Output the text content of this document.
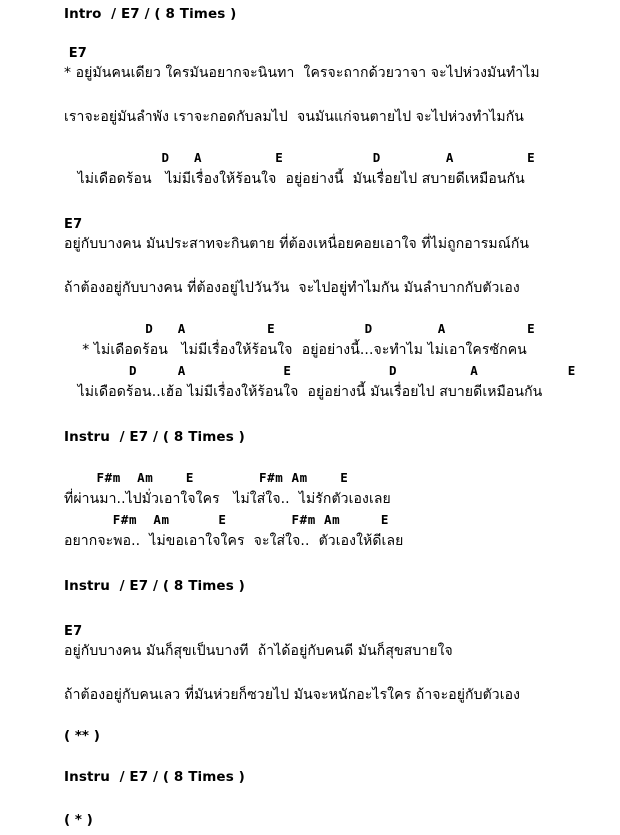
Intro  / E7 / ( 8 Times )
E7
* อยู่มันคนเดียว ใครมันอยากจะนินทา  ใครจะถากด้วยวาจา จะไปห่วงมันทำไม
เราจะอยู่มันลำพัง เราจะกอดกับลมไป  จนมันแก่จนตายไป จะไปห่วงทำไมกัน
D   A         E           D        A         E
ไม่เดือดร้อน   ไม่มีเรื่องให้ร้อนใจ  อยู่อย่างนี้  มันเรื่อยไป สบายดีเหมือนกัน
E7
อยู่กับบางคน มันประสาทจะกินตาย ที่ต้องเหนื่อยคอยเอาใจ ที่ไม่ถูกอารมณ์กัน
ถ้าต้องอยู่กับบางคน ที่ต้องอยู่ไปวันวัน  จะไปอยู่ทำไมกัน มันลำบากกับตัวเอง
D   A          E           D        A          E
* ไม่เดือดร้อน   ไม่มีเรื่องให้ร้อนใจ  อยู่อย่างนี้...จะทำไม ไม่เอาใครซักคน
D     A            E            D         A           E
ไม่เดือดร้อน..เฮ้อ ไม่มีเรื่องให้ร้อนใจ  อยู่อย่างนี้ มันเรื่อยไป สบายดีเหมือนกัน
Instru  / E7 / ( 8 Times )
F#m  Am    E        F#m Am    E
ที่ผ่านมา..ไปมั่วเอาใจใคร   ไม่ใส่ใจ..  ไม่รักตัวเองเลย
F#m  Am      E        F#m Am     E
อยากจะพอ..  ไม่ขอเอาใจใคร  จะใส่ใจ..  ตัวเองให้ดีเลย
Instru  / E7 / ( 8 Times )
E7
อยู่กับบางคน มันก็สุขเป็นบางที  ถ้าได้อยู่กับคนดี มันก็สุขสบายใจ
ถ้าต้องอยู่กับคนเลว ที่มันห่วยก็ซวยไป มันจะหนักอะไรใคร ถ้าจะอยู่กับตัวเอง
( ** )
Instru  / E7 / ( 8 Times )
( * )
